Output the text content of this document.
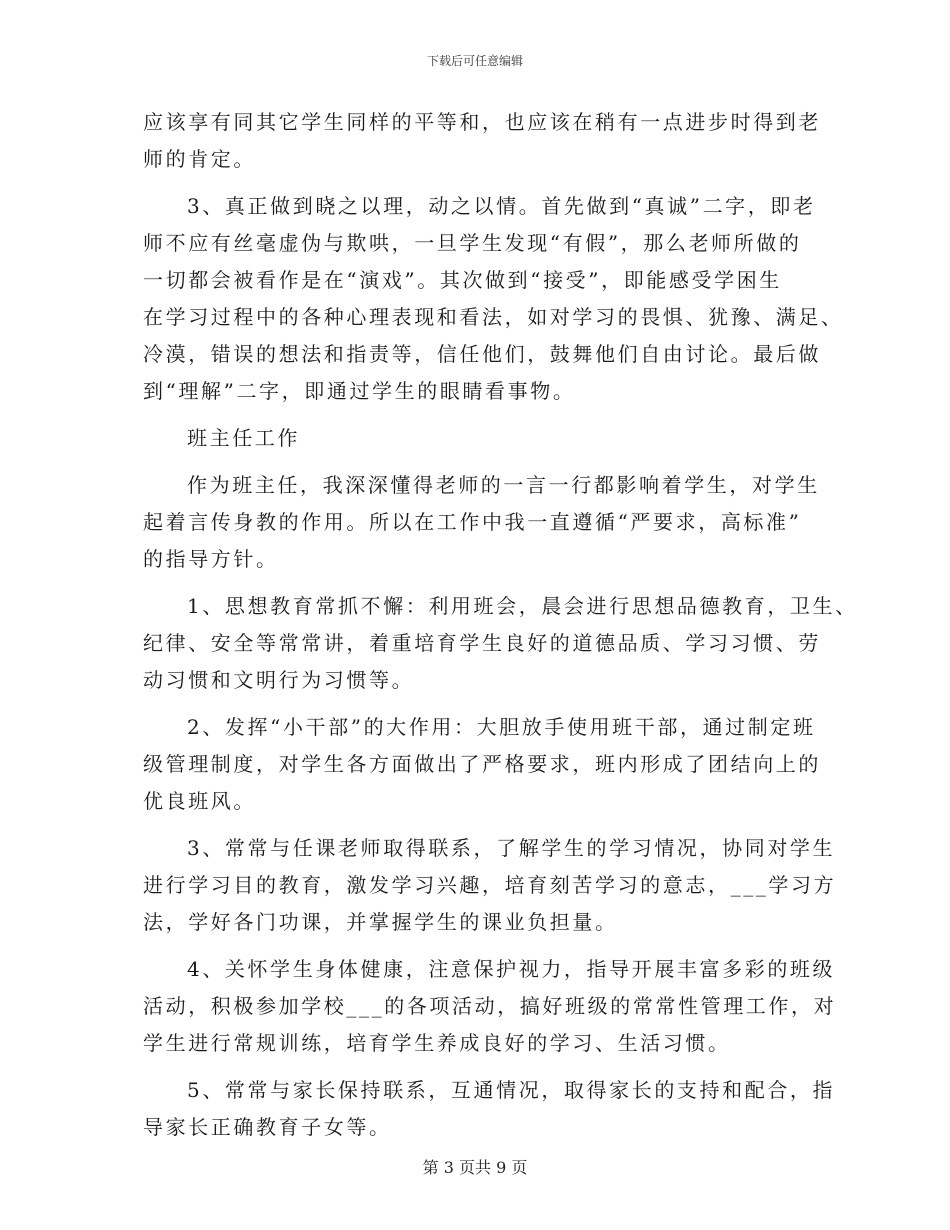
下载后可任意编辑
应该享有同其它学生同样的平等和，也应该在稍有一点进步时得到老
师的肯定。
3、真正做到晓之以理，动之以情。首先做到“真诚”二字，即老
师不应有丝毫虚伪与欺哄，一旦学生发现“有假”，那么老师所做的
一切都会被看作是在“演戏”。其次做到“接受”，即能感受学困生
在学习过程中的各种心理表现和看法，如对学习的畏惧、犹豫、满足、
冷漠，错误的想法和指责等，信任他们，鼓舞他们自由讨论。最后做
到“理解”二字，即通过学生的眼睛看事物。
班主任工作
作为班主任，我深深懂得老师的一言一行都影响着学生，对学生
起着言传身教的作用。所以在工作中我一直遵循“严要求，高标准”
的指导方针。
1、思想教育常抓不懈：利用班会，晨会进行思想品德教育，卫生、
纪律、安全等常常讲，着重培育学生良好的道德品质、学习习惯、劳
动习惯和文明行为习惯等。
2、发挥“小干部”的大作用：大胆放手使用班干部，通过制定班
级管理制度，对学生各方面做出了严格要求，班内形成了团结向上的
优良班风。
3、常常与任课老师取得联系，了解学生的学习情况，协同对学生
进行学习目的教育，激发学习兴趣，培育刻苦学习的意志，___学习方
法，学好各门功课，并掌握学生的课业负担量。
4、关怀学生身体健康，注意保护视力，指导开展丰富多彩的班级
活动，积极参加学校___的各项活动，搞好班级的常常性管理工作，对
学生进行常规训练，培育学生养成良好的学习、生活习惯。
5、常常与家长保持联系，互通情况，取得家长的支持和配合，指
导家长正确教育子女等。
第 3 页共 9 页
